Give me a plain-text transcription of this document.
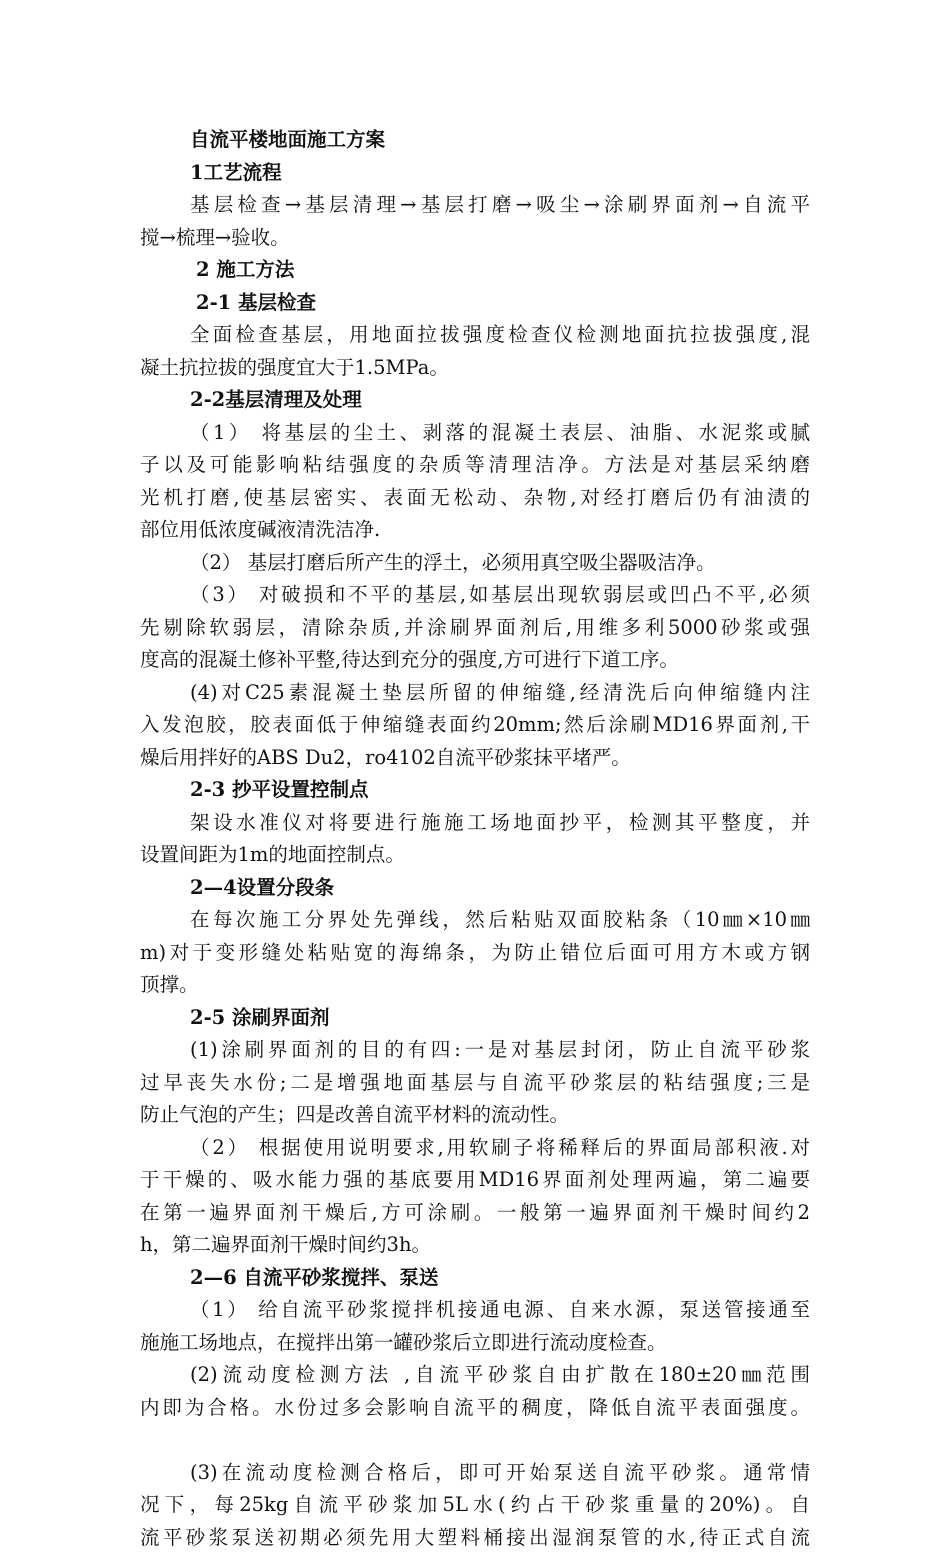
自流平楼地面施工方案
1工艺流程
基层检查→基层清理→基层打磨→吸尘→涂刷界面剂→自流平
搅→梳理→验收。
2 施工方法
2-1 基层检查
全面检查基层，用地面拉拔强度检查仪检测地面抗拉拔强度,混
凝土抗拉拔的强度宜大于1.5MPa。
2-2基层清理及处理
（1） 将基层的尘土、剥落的混凝土表层、油脂、水泥浆或腻
子以及可能影响粘结强度的杂质等清理洁净。方法是对基层采纳磨
光机打磨,使基层密实、表面无松动、杂物,对经打磨后仍有油渍的
部位用低浓度碱液清洗洁净.
（2） 基层打磨后所产生的浮土，必须用真空吸尘器吸洁净。
（3） 对破损和不平的基层,如基层出现软弱层或凹凸不平,必须
先剔除软弱层，清除杂质,并涂刷界面剂后,用维多利5000砂浆或强
度高的混凝土修补平整,待达到充分的强度,方可进行下道工序。
(4)对C25素混凝土垫层所留的伸缩缝,经清洗后向伸缩缝内注
入发泡胶，胶表面低于伸缩缝表面约20mm;然后涂刷MD16界面剂,干
燥后用拌好的ABS Du2，ro4102自流平砂浆抹平堵严。
2-3 抄平设置控制点
架设水准仪对将要进行施施工场地面抄平，检测其平整度，并
设置间距为1m的地面控制点。
2—4设置分段条
在每次施工分界处先弹线，然后粘贴双面胶粘条（10㎜×10㎜
m)对于变形缝处粘贴宽的海绵条，为防止错位后面可用方木或方钢
顶撑。
2-5 涂刷界面剂
(1)涂刷界面剂的目的有四:一是对基层封闭，防止自流平砂浆
过早丧失水份;二是增强地面基层与自流平砂浆层的粘结强度;三是
防止气泡的产生；四是改善自流平材料的流动性。
（2） 根据使用说明要求,用软刷子将稀释后的界面局部积液.对
于干燥的、吸水能力强的基底要用MD16界面剂处理两遍，第二遍要
在第一遍界面剂干燥后,方可涂刷。一般第一遍界面剂干燥时间约2
h，第二遍界面剂干燥时间约3h。
2—6 自流平砂浆搅拌、泵送
（1） 给自流平砂浆搅拌机接通电源、自来水源，泵送管接通至
施施工场地点，在搅拌出第一罐砂浆后立即进行流动度检查。
(2)流动度检测方法 ,自流平砂浆自由扩散在180±20㎜范围
内即为合格。水份过多会影响自流平的稠度，降低自流平表面强度。
(3)在流动度检测合格后，即可开始泵送自流平砂浆。通常情
况下，每25kg自流平砂浆加5L水(约占干砂浆重量的20%)。自
流平砂浆泵送初期必须先用大塑料桶接出湿润泵管的水,待正式自流
